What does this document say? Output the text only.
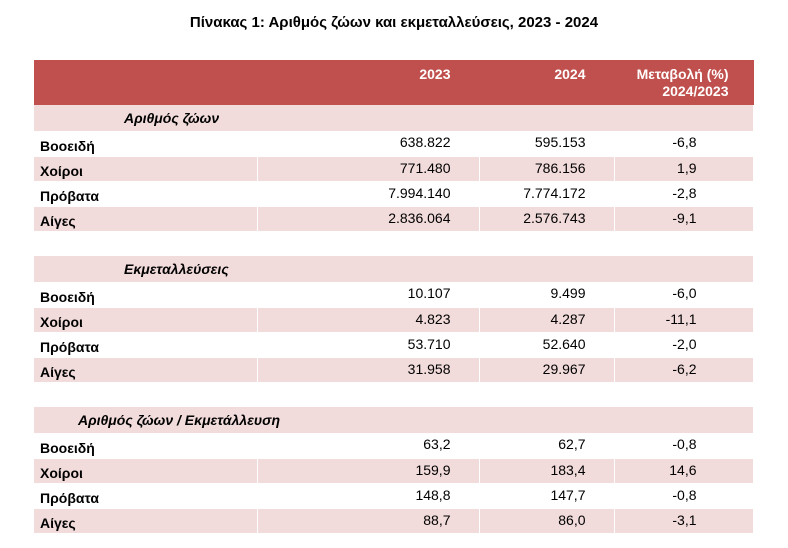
Πίνακας 1: Αριθμός ζώων και εκμεταλλεύσεις, 2023 - 2024
	2023	2024	Μεταβολή (%)
2024/2023

Αριθμός ζώων			
Βοοειδή	638.822	595.153	-6,8
Χοίροι	771.480	786.156	1,9
Πρόβατα	7.994.140	7.774.172	-2,8
Αίγες	2.836.064	2.576.743	-9,1

Εκμεταλλεύσεις			
Βοοειδή	10.107	9.499	-6,0
Χοίροι	4.823	4.287	-11,1
Πρόβατα	53.710	52.640	-2,0
Αίγες	31.958	29.967	-6,2

Αριθμός ζώων / Εκμετάλλευση			
Βοοειδή	63,2	62,7	-0,8
Χοίροι	159,9	183,4	14,6
Πρόβατα	148,8	147,7	-0,8
Αίγες	88,7	86,0	-3,1
